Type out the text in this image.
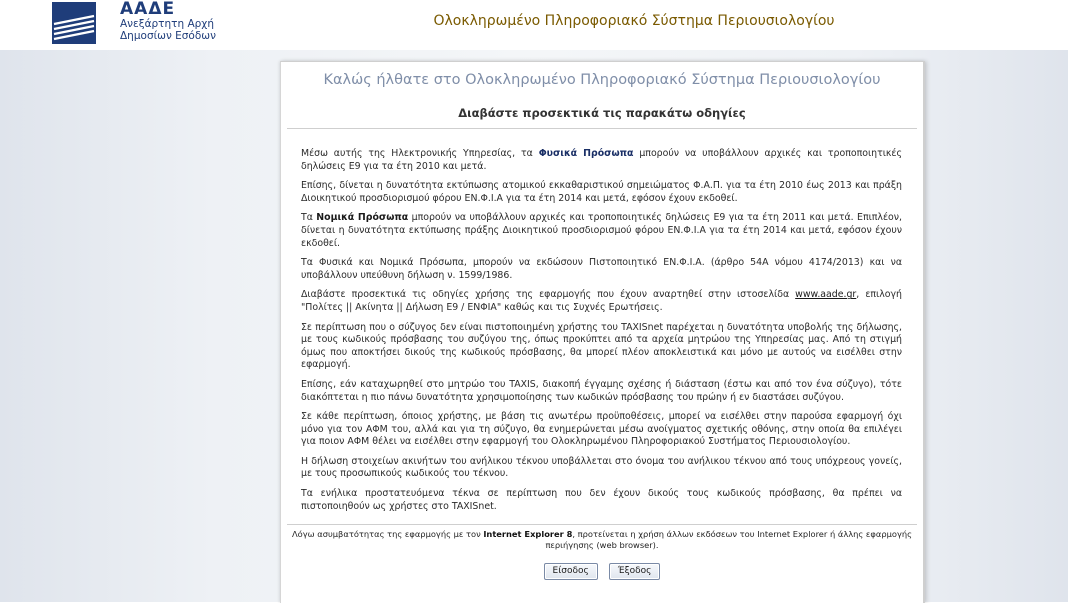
ΑΑΔΕ
Ανεξάρτητη Αρχή
Δημοσίων Εσόδων
Ολοκληρωμένο Πληροφοριακό Σύστημα Περιουσιολογίου
Καλώς ήλθατε στο Ολοκληρωμένο Πληροφοριακό Σύστημα Περιουσιολογίου
Διαβάστε προσεκτικά τις παρακάτω οδηγίες

Μέσω αυτής της Ηλεκτρονικής Υπηρεσίας, τα Φυσικά Πρόσωπα μπορούν να υποβάλλουν αρχικές και τροποποιητικές δηλώσεις Ε9 για τα έτη 2010 και μετά.

Επίσης, δίνεται η δυνατότητα εκτύπωσης ατομικού εκκαθαριστικού σημειώματος Φ.Α.Π. για τα έτη 2010 έως 2013 και πράξη Διοικητικού προσδιορισμού φόρου ΕΝ.Φ.Ι.Α για τα έτη 2014 και μετά, εφόσον έχουν εκδοθεί.

Τα Νομικά Πρόσωπα μπορούν να υποβάλλουν αρχικές και τροποποιητικές δηλώσεις Ε9 για τα έτη 2011 και μετά. Επιπλέον, δίνεται η δυνατότητα εκτύπωσης πράξης Διοικητικού προσδιορισμού φόρου ΕΝ.Φ.Ι.Α για τα έτη 2014 και μετά, εφόσον έχουν εκδοθεί.

Τα Φυσικά και Νομικά Πρόσωπα, μπορούν να εκδώσουν Πιστοποιητικό ΕΝ.Φ.Ι.Α. (άρθρο 54Α νόμου 4174/2013) και να υποβάλλουν υπεύθυνη δήλωση ν. 1599/1986.

Διαβάστε προσεκτικά τις οδηγίες χρήσης της εφαρμογής που έχουν αναρτηθεί στην ιστοσελίδα www.aade.gr, επιλογή "Πολίτες || Ακίνητα || Δήλωση Ε9 / ΕΝΦΙΑ" καθώς και τις Συχνές Ερωτήσεις.

Σε περίπτωση που ο σύζυγος δεν είναι πιστοποιημένη χρήστης του TAXISnet παρέχεται η δυνατότητα υποβολής της δήλωσης, με τους κωδικούς πρόσβασης του συζύγου της, όπως προκύπτει από τα αρχεία μητρώου της Υπηρεσίας μας. Από τη στιγμή όμως που αποκτήσει δικούς της κωδικούς πρόσβασης, θα μπορεί πλέον αποκλειστικά και μόνο με αυτούς να εισέλθει στην εφαρμογή.

Επίσης, εάν καταχωρηθεί στο μητρώο του TAXIS, διακοπή έγγαμης σχέσης ή διάσταση (έστω και από τον ένα σύζυγο), τότε διακόπτεται η πιο πάνω δυνατότητα χρησιμοποίησης των κωδικών πρόσβασης του πρώην ή εν διαστάσει συζύγου.

Σε κάθε περίπτωση, όποιος χρήστης, με βάση τις ανωτέρω προϋποθέσεις, μπορεί να εισέλθει στην παρούσα εφαρμογή όχι μόνο για τον ΑΦΜ του, αλλά και για τη σύζυγο, θα ενημερώνεται μέσω ανοίγματος σχετικής οθόνης, στην οποία θα επιλέγει για ποιον ΑΦΜ θέλει να εισέλθει στην εφαρμογή του Ολοκληρωμένου Πληροφοριακού Συστήματος Περιουσιολογίου.

Η δήλωση στοιχείων ακινήτων του ανήλικου τέκνου υποβάλλεται στο όνομα του ανήλικου τέκνου από τους υπόχρεους γονείς, με τους προσωπικούς κωδικούς του τέκνου.

Τα ενήλικα προστατευόμενα τέκνα σε περίπτωση που δεν έχουν δικούς τους κωδικούς πρόσβασης, θα πρέπει να πιστοποιηθούν ως χρήστες στο TAXISnet.

Λόγω ασυμβατότητας της εφαρμογής με τον Internet Explorer 8, προτείνεται η χρήση άλλων εκδόσεων του Internet Explorer ή άλλης εφαρμογής περιήγησης (web browser).
Είσοδος	Έξοδος
